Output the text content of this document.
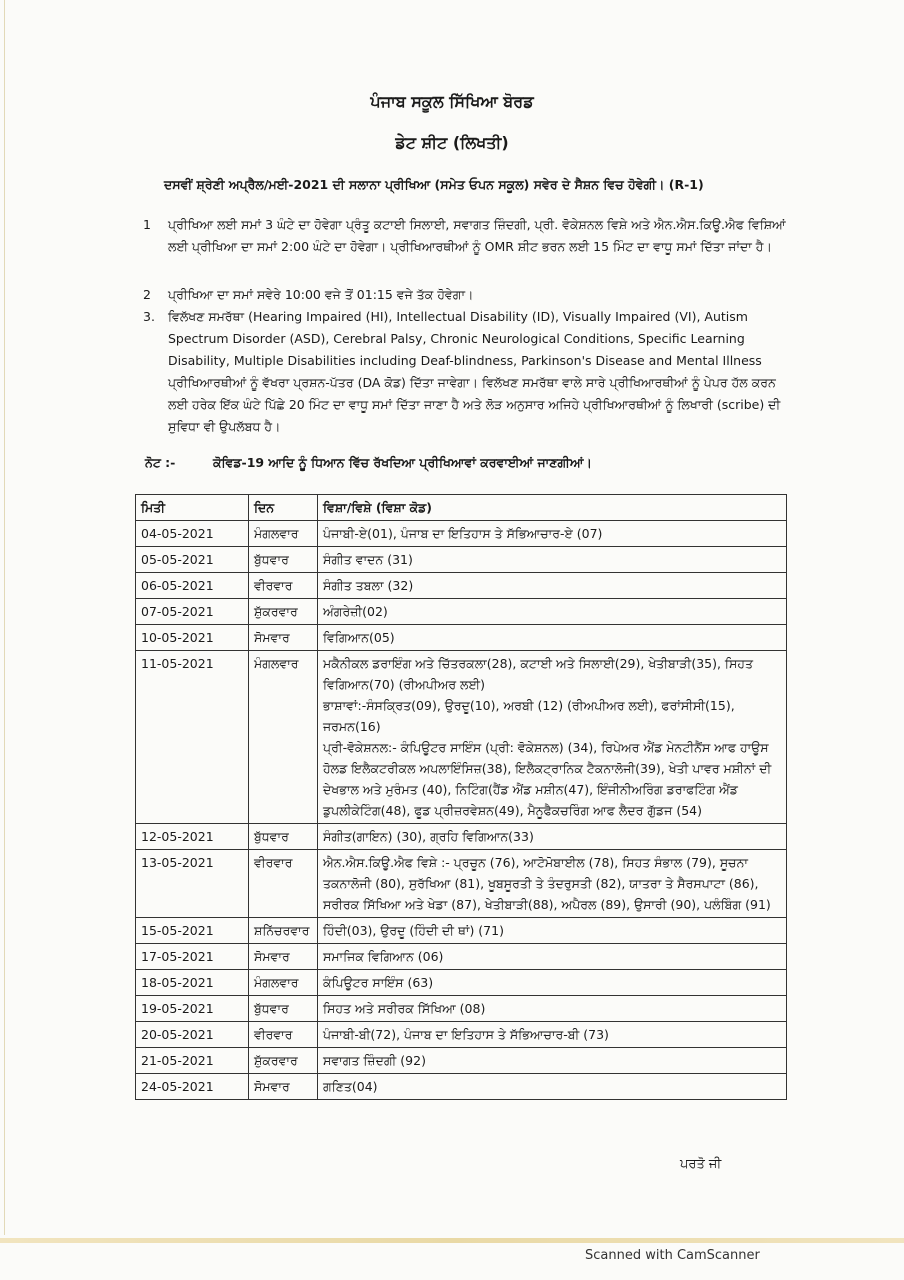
ਪੰਜਾਬ ਸਕੂਲ ਸਿੱਖਿਆ ਬੋਰਡ
ਡੇਟ ਸ਼ੀਟ (ਲਿਖਤੀ)
ਦਸਵੀਂ ਸ਼੍ਰੇਣੀ ਅਪ੍ਰੈਲ/ਮਈ-2021 ਦੀ ਸਲਾਨਾ ਪ੍ਰੀਖਿਆ (ਸਮੇਤ ਓਪਨ ਸਕੂਲ) ਸਵੇਰ ਦੇ ਸੈਸ਼ਨ ਵਿਚ ਹੋਵੇਗੀ। (R-1)
1 ਪ੍ਰੀਖਿਆ ਲਈ ਸਮਾਂ 3 ਘੰਟੇ ਦਾ ਹੋਵੇਗਾ ਪ੍ਰੰਤੂ ਕਟਾਈ ਸਿਲਾਈ, ਸਵਾਗਤ ਜ਼ਿੰਦਗੀ, ਪ੍ਰੀ. ਵੋਕੇਸ਼ਨਲ ਵਿਸ਼ੇ ਅਤੇ ਐਨ.ਐਸ.ਕਿਊ.ਐਫ ਵਿਸ਼ਿਆਂ ਲਈ ਪ੍ਰੀਖਿਆ ਦਾ ਸਮਾਂ 2:00 ਘੰਟੇ ਦਾ ਹੋਵੇਗਾ। ਪ੍ਰੀਖਿਆਰਥੀਆਂ ਨੂੰ OMR ਸ਼ੀਟ ਭਰਨ ਲਈ 15 ਮਿੰਟ ਦਾ ਵਾਧੂ ਸਮਾਂ ਦਿੱਤਾ ਜਾਂਦਾ ਹੈ।
2 ਪ੍ਰੀਖਿਆ ਦਾ ਸਮਾਂ ਸਵੇਰੇ 10:00 ਵਜੇ ਤੋਂ 01:15 ਵਜੇ ਤੱਕ ਹੋਵੇਗਾ।
3. ਵਿਲੱਖਣ ਸਮਰੱਥਾ (Hearing Impaired (HI), Intellectual Disability (ID), Visually Impaired (VI), Autism Spectrum Disorder (ASD), Cerebral Palsy, Chronic Neurological Conditions, Specific Learning Disability, Multiple Disabilities including Deaf-blindness, Parkinson's Disease and Mental Illness ਪ੍ਰੀਖਿਆਰਥੀਆਂ ਨੂੰ ਵੱਖਰਾ ਪ੍ਰਸ਼ਨ-ਪੱਤਰ (DA ਕੋਡ) ਦਿੱਤਾ ਜਾਵੇਗਾ। ਵਿਲੱਖਣ ਸਮਰੱਥਾ ਵਾਲੇ ਸਾਰੇ ਪ੍ਰੀਖਿਆਰਥੀਆਂ ਨੂੰ ਪੇਪਰ ਹੱਲ ਕਰਨ ਲਈ ਹਰੇਕ ਇੱਕ ਘੰਟੇ ਪਿੱਛੇ 20 ਮਿੰਟ ਦਾ ਵਾਧੂ ਸਮਾਂ ਦਿੱਤਾ ਜਾਣਾ ਹੈ ਅਤੇ ਲੋੜ ਅਨੁਸਾਰ ਅਜਿਹੇ ਪ੍ਰੀਖਿਆਰਥੀਆਂ ਨੂੰ ਲਿਖਾਰੀ (scribe) ਦੀ ਸੁਵਿਧਾ ਵੀ ਉਪਲੱਬਧ ਹੈ।
ਨੋਟ :-	ਕੋਵਿਡ-19 ਆਦਿ ਨੂੰ ਧਿਆਨ ਵਿੱਚ ਰੱਖਦਿਆ ਪ੍ਰੀਖਿਆਵਾਂ ਕਰਵਾਈਆਂ ਜਾਣਗੀਆਂ।
ਮਿਤੀ	ਦਿਨ	ਵਿਸ਼ਾ/ਵਿਸ਼ੇ (ਵਿਸ਼ਾ ਕੋਡ)
04-05-2021	ਮੰਗਲਵਾਰ	ਪੰਜਾਬੀ-ਏ(01), ਪੰਜਾਬ ਦਾ ਇਤਿਹਾਸ ਤੇ ਸੱਭਿਆਚਾਰ-ਏ (07)
05-05-2021	ਬੁੱਧਵਾਰ	ਸੰਗੀਤ ਵਾਦਨ (31)
06-05-2021	ਵੀਰਵਾਰ	ਸੰਗੀਤ ਤਬਲਾ (32)
07-05-2021	ਸ਼ੁੱਕਰਵਾਰ	ਅੰਗਰੇਜ਼ੀ(02)
10-05-2021	ਸੋਮਵਾਰ	ਵਿਗਿਆਨ(05)
11-05-2021	ਮੰਗਲਵਾਰ	ਮਕੈਨੀਕਲ ਡਰਾਇੰਗ ਅਤੇ ਚਿੱਤਰਕਲਾ(28), ਕਟਾਈ ਅਤੇ ਸਿਲਾਈ(29), ਖੇਤੀਬਾੜੀ(35), ਸਿਹਤ ਵਿਗਿਆਨ(70) (ਰੀਅਪੀਅਰ ਲਈ)
ਭਾਸ਼ਾਵਾਂ:-ਸੰਸਕ੍ਰਿਤ(09), ਉਰਦੂ(10), ਅਰਬੀ (12) (ਰੀਅਪੀਅਰ ਲਈ), ਫਰਾਂਸੀਸੀ(15), ਜਰਮਨ(16)
ਪ੍ਰੀ-ਵੋਕੇਸ਼ਨਲ:- ਕੰਪਿਊਟਰ ਸਾਇੰਸ (ਪ੍ਰੀ: ਵੋਕੇਸ਼ਨਲ) (34), ਰਿਪੇਅਰ ਐਂਡ ਮੇਨਟੀਨੈਂਸ ਆਫ ਹਾਊਸ ਹੋਲਡ ਇਲੈਕਟਰੀਕਲ ਅਪਲਾਇੰਸਿਜ਼(38), ਇਲੈਕਟ੍ਰਾਨਿਕ ਟੈਕਨਾਲੋਜੀ(39), ਖੇਤੀ ਪਾਵਰ ਮਸ਼ੀਨਾਂ ਦੀ ਦੇਖਭਾਲ ਅਤੇ ਮੁਰੰਮਤ (40), ਨਿਟਿੰਗ(ਹੈਂਡ ਐਂਡ ਮਸ਼ੀਨ(47), ਇੰਜੀਨੀਅਰਿੰਗ ਡਰਾਫਟਿੰਗ ਐਂਡ ਡੁਪਲੀਕੇਟਿੰਗ(48), ਫੂਡ ਪ੍ਰੀਜ਼ਰਵੇਸ਼ਨ(49), ਮੈਨੂਫੈਕਚਰਿੰਗ ਆਫ ਲੈਦਰ ਗੁੱਡਜ (54)

12-05-2021	ਬੁੱਧਵਾਰ	ਸੰਗੀਤ(ਗਾਇਨ) (30), ਗ੍ਰਹਿ ਵਿਗਿਆਨ(33)
13-05-2021	ਵੀਰਵਾਰ	ਐਨ.ਐਸ.ਕਿਊ.ਐਫ ਵਿਸ਼ੇ :- ਪ੍ਰਚੂਨ (76), ਆਟੋਮੋਬਾਈਲ (78), ਸਿਹਤ ਸੰਭਾਲ (79), ਸੂਚਨਾ ਤਕਨਾਲੋਜੀ (80), ਸੁਰੱਖਿਆ (81), ਖੂਬਸੂਰਤੀ ਤੇ ਤੰਦਰੁਸਤੀ (82), ਯਾਤਰਾ ਤੇ ਸੈਰਸਪਾਟਾ (86), ਸਰੀਰਕ ਸਿੱਖਿਆ ਅਤੇ ਖੇਡਾ (87), ਖੇਤੀਬਾੜੀ(88), ਅਪੈਰਲ (89), ਉਸਾਰੀ (90), ਪਲੰਬਿੰਗ (91)
15-05-2021	ਸ਼ਨਿੱਚਰਵਾਰ	ਹਿੰਦੀ(03), ਉਰਦੂ (ਹਿੰਦੀ ਦੀ ਥਾਂ) (71)
17-05-2021	ਸੋਮਵਾਰ	ਸਮਾਜਿਕ ਵਿਗਿਆਨ (06)
18-05-2021	ਮੰਗਲਵਾਰ	ਕੰਪਿਊਟਰ ਸਾਇੰਸ (63)
19-05-2021	ਬੁੱਧਵਾਰ	ਸਿਹਤ ਅਤੇ ਸਰੀਰਕ ਸਿੱਖਿਆ (08)
20-05-2021	ਵੀਰਵਾਰ	ਪੰਜਾਬੀ-ਬੀ(72), ਪੰਜਾਬ ਦਾ ਇਤਿਹਾਸ ਤੇ ਸੱਭਿਆਚਾਰ-ਬੀ (73)
21-05-2021	ਸ਼ੁੱਕਰਵਾਰ	ਸਵਾਗਤ ਜ਼ਿੰਦਗੀ (92)
24-05-2021	ਸੋਮਵਾਰ	ਗਣਿਤ(04)
ਪਰਤੋ ਜੀ
Scanned with CamScanner
